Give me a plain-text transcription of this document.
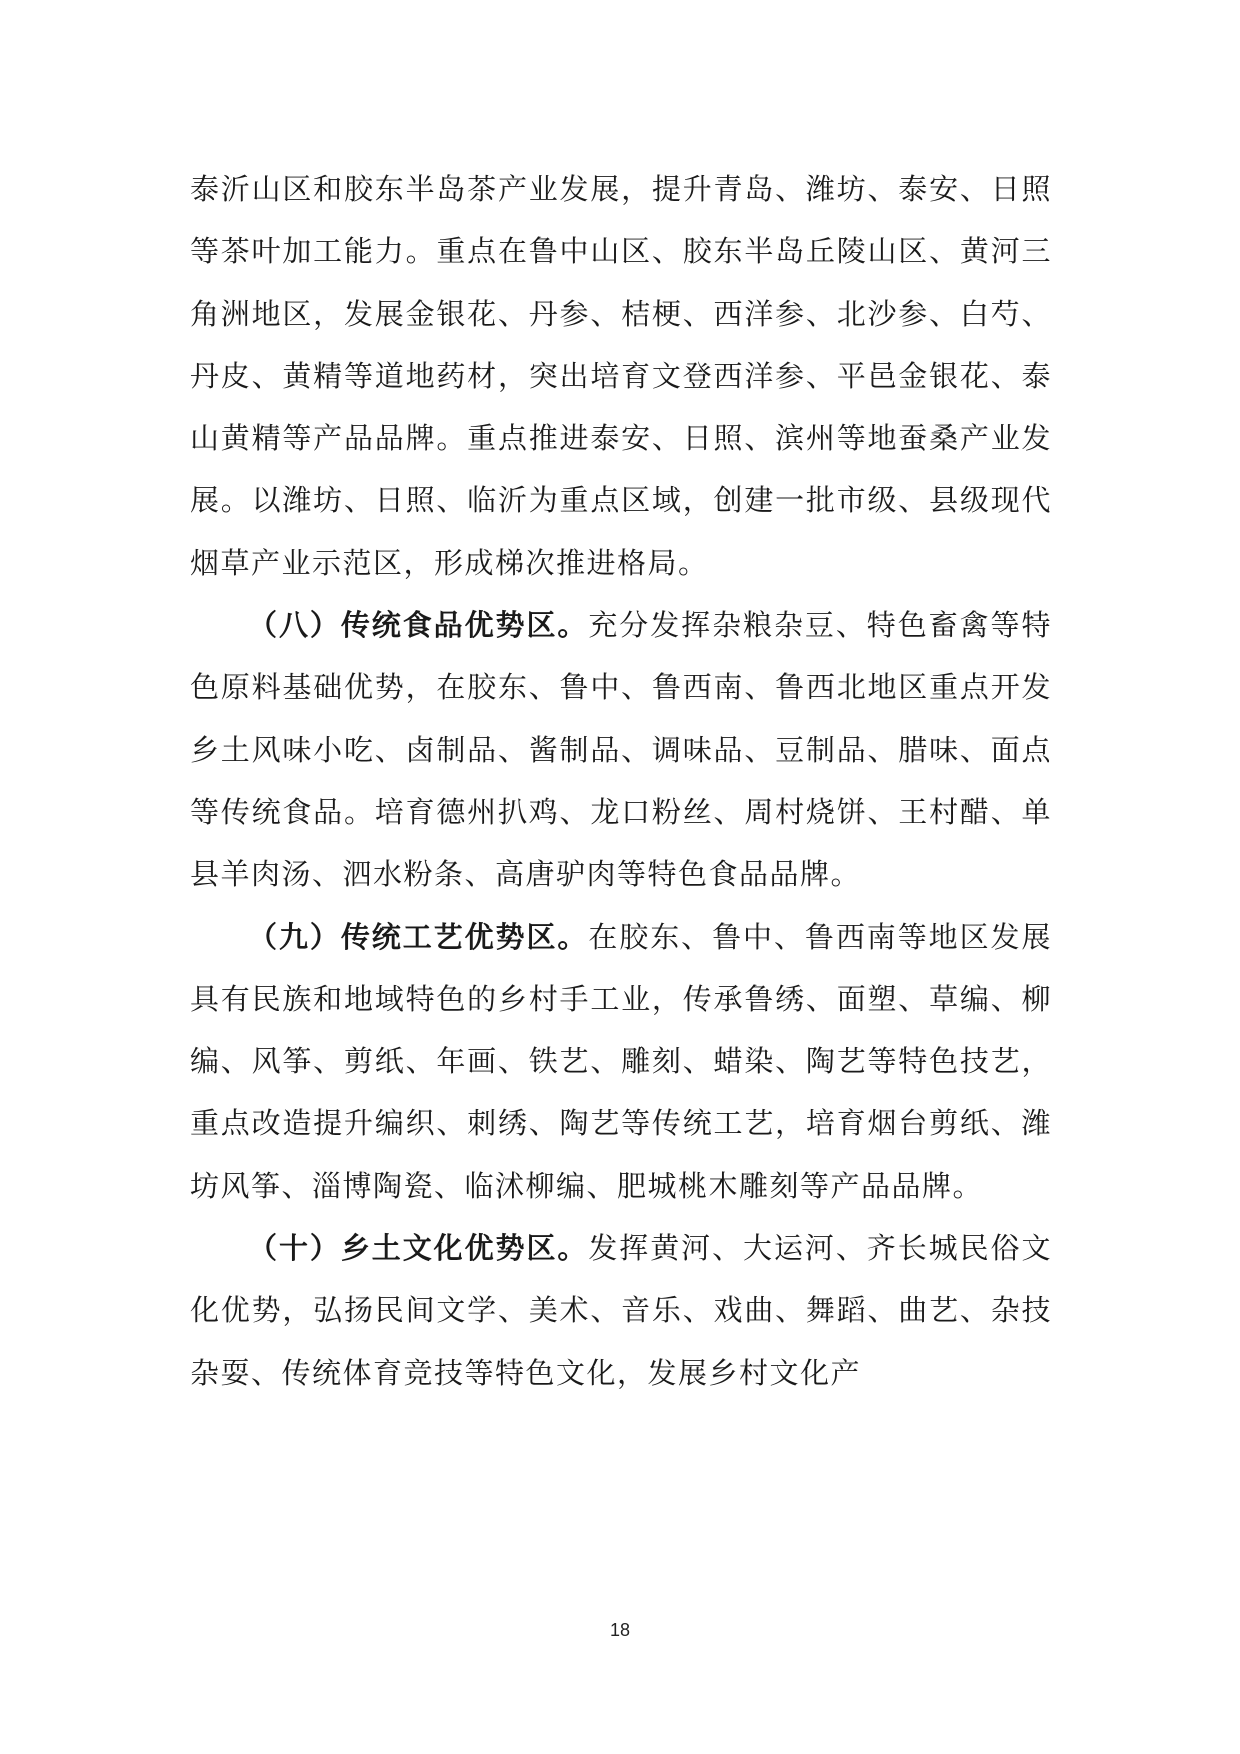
泰沂山区和胶东半岛茶产业发展，提升青岛、潍坊、泰安、日照等茶叶加工能力。重点在鲁中山区、胶东半岛丘陵山区、黄河三角洲地区，发展金银花、丹参、桔梗、西洋参、北沙参、白芍、丹皮、黄精等道地药材，突出培育文登西洋参、平邑金银花、泰山黄精等产品品牌。重点推进泰安、日照、滨州等地蚕桑产业发展。以潍坊、日照、临沂为重点区域，创建一批市级、县级现代烟草产业示范区，形成梯次推进格局。

（八）传统食品优势区。充分发挥杂粮杂豆、特色畜禽等特色原料基础优势，在胶东、鲁中、鲁西南、鲁西北地区重点开发乡土风味小吃、卤制品、酱制品、调味品、豆制品、腊味、面点等传统食品。培育德州扒鸡、龙口粉丝、周村烧饼、王村醋、单县羊肉汤、泗水粉条、高唐驴肉等特色食品品牌。

（九）传统工艺优势区。在胶东、鲁中、鲁西南等地区发展具有民族和地域特色的乡村手工业，传承鲁绣、面塑、草编、柳编、风筝、剪纸、年画、铁艺、雕刻、蜡染、陶艺等特色技艺，重点改造提升编织、刺绣、陶艺等传统工艺，培育烟台剪纸、潍坊风筝、淄博陶瓷、临沭柳编、肥城桃木雕刻等产品品牌。

（十）乡土文化优势区。发挥黄河、大运河、齐长城民俗文化优势，弘扬民间文学、美术、音乐、戏曲、舞蹈、曲艺、杂技杂耍、传统体育竞技等特色文化，发展乡村文化产

18
